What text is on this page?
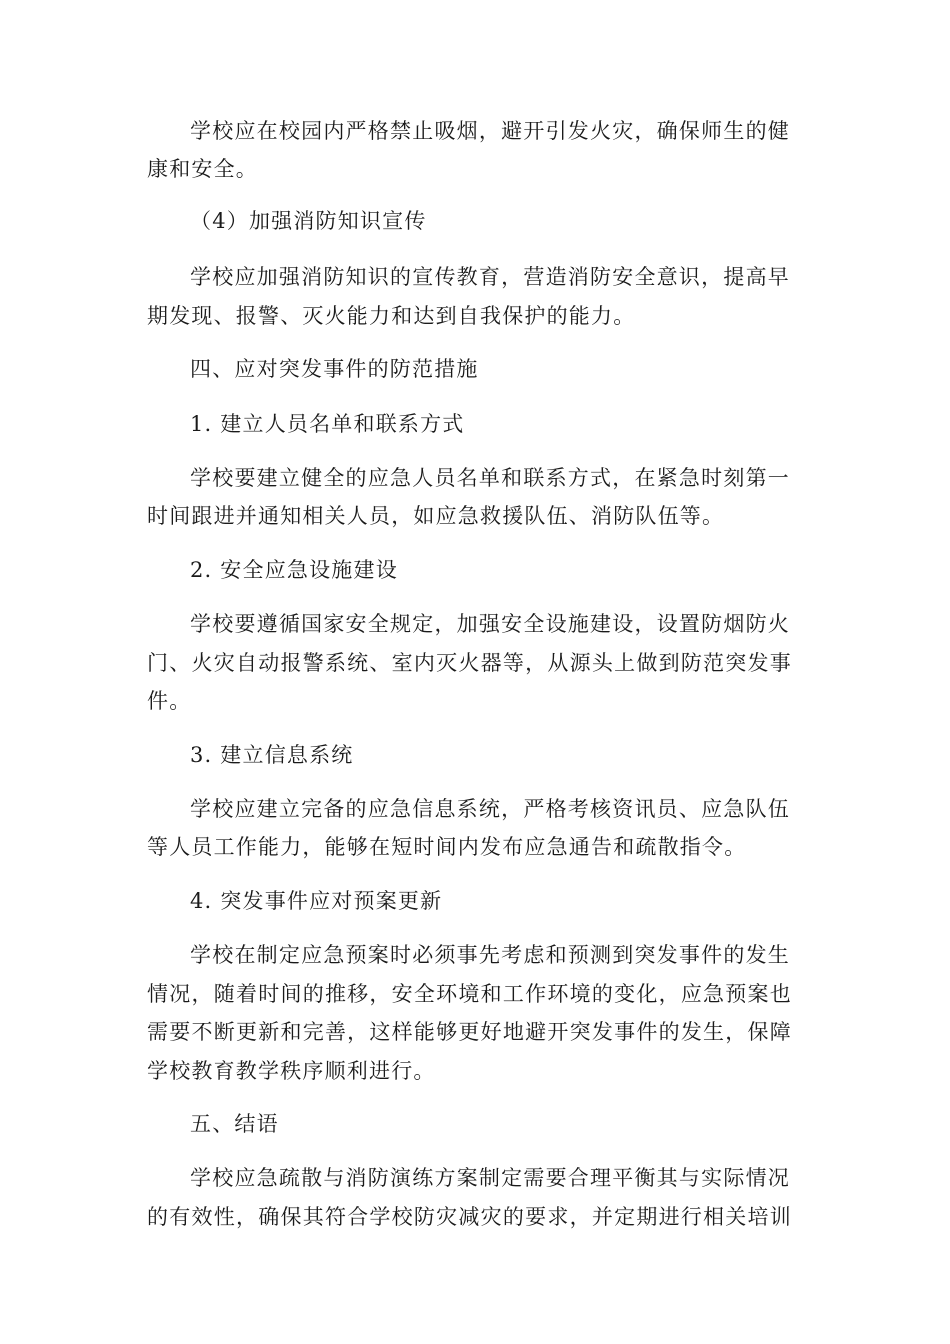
学校应在校园内严格禁止吸烟，避开引发火灾，确保师生的健
康和安全。
（4）加强消防知识宣传
学校应加强消防知识的宣传教育，营造消防安全意识，提高早
期发现、报警、灭火能力和达到自我保护的能力。
四、应对突发事件的防范措施
1. 建立人员名单和联系方式
学校要建立健全的应急人员名单和联系方式，在紧急时刻第一
时间跟进并通知相关人员，如应急救援队伍、消防队伍等。
2. 安全应急设施建设
学校要遵循国家安全规定，加强安全设施建设，设置防烟防火
门、火灾自动报警系统、室内灭火器等，从源头上做到防范突发事
件。
3. 建立信息系统
学校应建立完备的应急信息系统，严格考核资讯员、应急队伍
等人员工作能力，能够在短时间内发布应急通告和疏散指令。
4. 突发事件应对预案更新
学校在制定应急预案时必须事先考虑和预测到突发事件的发生
情况，随着时间的推移，安全环境和工作环境的变化，应急预案也
需要不断更新和完善，这样能够更好地避开突发事件的发生，保障
学校教育教学秩序顺利进行。
五、结语
学校应急疏散与消防演练方案制定需要合理平衡其与实际情况
的有效性，确保其符合学校防灾减灾的要求，并定期进行相关培训
